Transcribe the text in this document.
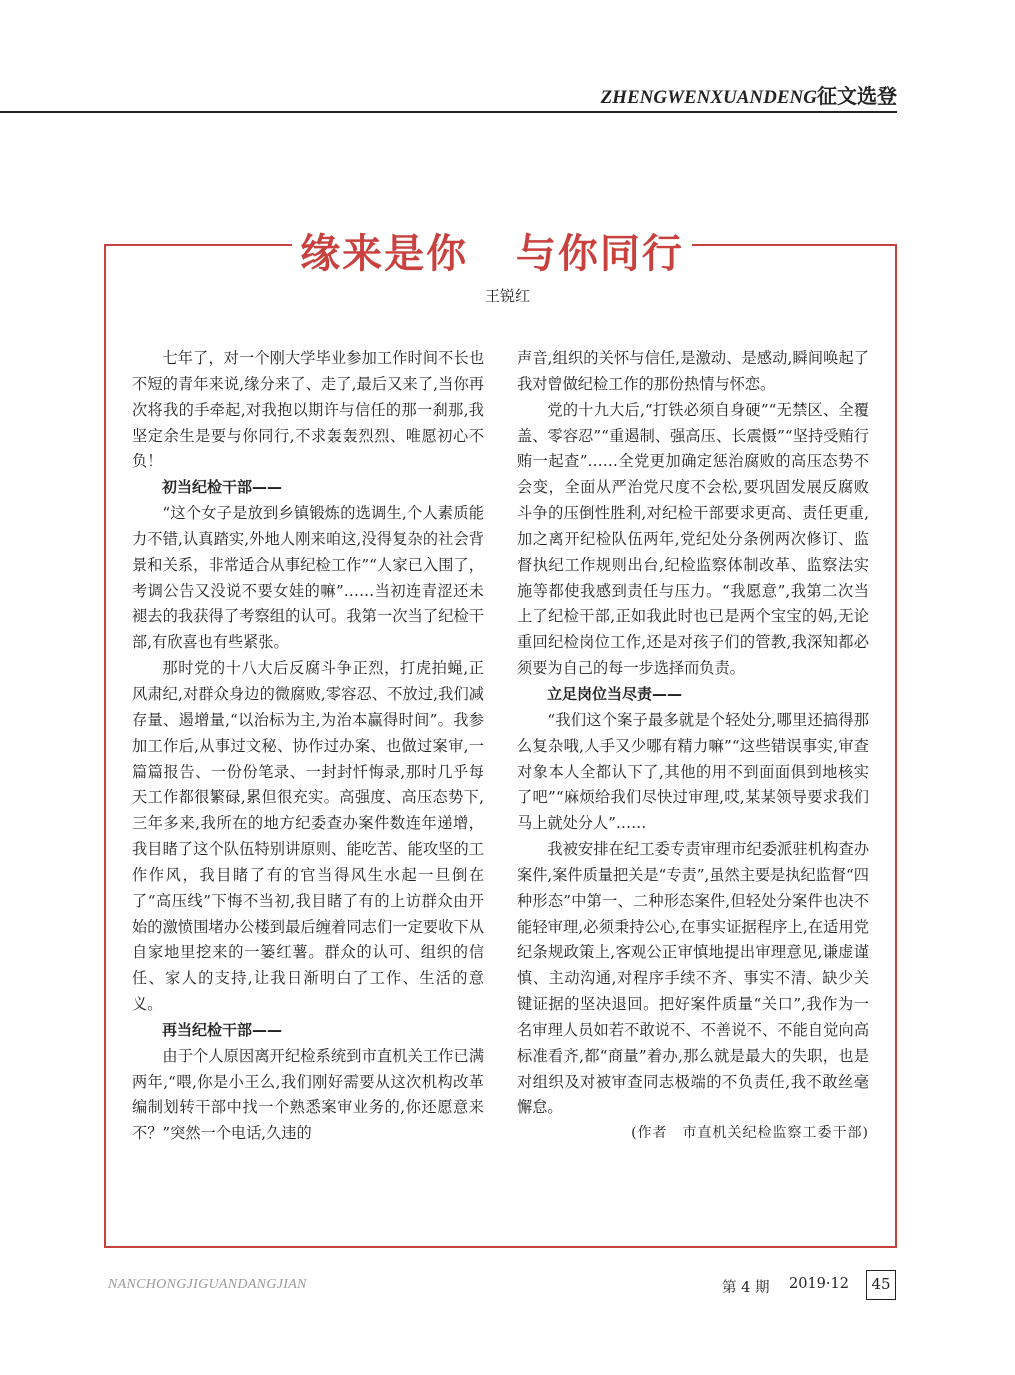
ZHENGWENXUANDENG征文选登
缘来是你   与你同行
王锐红

七年了，对一个刚大学毕业参加工作时间不长也不短的青年来说,缘分来了、走了,最后又来了,当你再次将我的手牵起,对我抱以期许与信任的那一刹那,我坚定余生是要与你同行,不求轰轰烈烈、唯愿初心不负！

初当纪检干部——

“这个女子是放到乡镇锻炼的选调生,个人素质能力不错,认真踏实,外地人刚来咱这,没得复杂的社会背景和关系，非常适合从事纪检工作”“人家已入围了，考调公告又没说不要女娃的嘛”……当初连青涩还未褪去的我获得了考察组的认可。我第一次当了纪检干部,有欣喜也有些紧张。

那时党的十八大后反腐斗争正烈，打虎拍蝇,正风肃纪,对群众身边的微腐败,零容忍、不放过,我们减存量、遏增量,“以治标为主,为治本赢得时间”。我参加工作后,从事过文秘、协作过办案、也做过案审,一篇篇报告、一份份笔录、一封封忏悔录,那时几乎每天工作都很繁碌,累但很充实。高强度、高压态势下,三年多来,我所在的地方纪委查办案件数连年递增，我目睹了这个队伍特别讲原则、能吃苦、能攻坚的工作作风，我目睹了有的官当得风生水起一旦倒在了“高压线”下悔不当初,我目睹了有的上访群众由开始的激愤围堵办公楼到最后缠着同志们一定要收下从自家地里挖来的一篓红薯。群众的认可、组织的信任、家人的支持,让我日渐明白了工作、生活的意义。

再当纪检干部——

由于个人原因离开纪检系统到市直机关工作已满两年,“喂,你是小王么,我们刚好需要从这次机构改革编制划转干部中找一个熟悉案审业务的,你还愿意来不？”突然一个电话,久违的

声音,组织的关怀与信任,是激动、是感动,瞬间唤起了我对曾做纪检工作的那份热情与怀恋。

党的十九大后,“打铁必须自身硬”“无禁区、全覆盖、零容忍”“重遏制、强高压、长震慑”“坚持受贿行贿一起查”……全党更加确定惩治腐败的高压态势不会变，全面从严治党尺度不会松,要巩固发展反腐败斗争的压倒性胜利,对纪检干部要求更高、责任更重,加之离开纪检队伍两年,党纪处分条例两次修订、监督执纪工作规则出台,纪检监察体制改革、监察法实施等都使我感到责任与压力。“我愿意”,我第二次当上了纪检干部,正如我此时也已是两个宝宝的妈,无论重回纪检岗位工作,还是对孩子们的管教,我深知都必须要为自己的每一步选择而负责。

立足岗位当尽责——

“我们这个案子最多就是个轻处分,哪里还搞得那么复杂哦,人手又少哪有精力嘛”“这些错误事实,审查对象本人全都认下了,其他的用不到面面俱到地核实了吧”“麻烦给我们尽快过审理,哎,某某领导要求我们马上就处分人”……

我被安排在纪工委专责审理市纪委派驻机构查办案件,案件质量把关是“专责”,虽然主要是执纪监督“四种形态”中第一、二种形态案件,但轻处分案件也决不能轻审理,必须秉持公心,在事实证据程序上,在适用党纪条规政策上,客观公正审慎地提出审理意见,谦虚谨慎、主动沟通,对程序手续不齐、事实不清、缺少关键证据的坚决退回。把好案件质量“关口”,我作为一名审理人员如若不敢说不、不善说不、不能自觉向高标准看齐,都“商量”着办,那么就是最大的失职，也是对组织及对被审查同志极端的不负责任,我不敢丝毫懈怠。

(作者　市直机关纪检监察工委干部)

NANCHONGJIGUANDANGJIAN	第 4 期 2019·12	45
